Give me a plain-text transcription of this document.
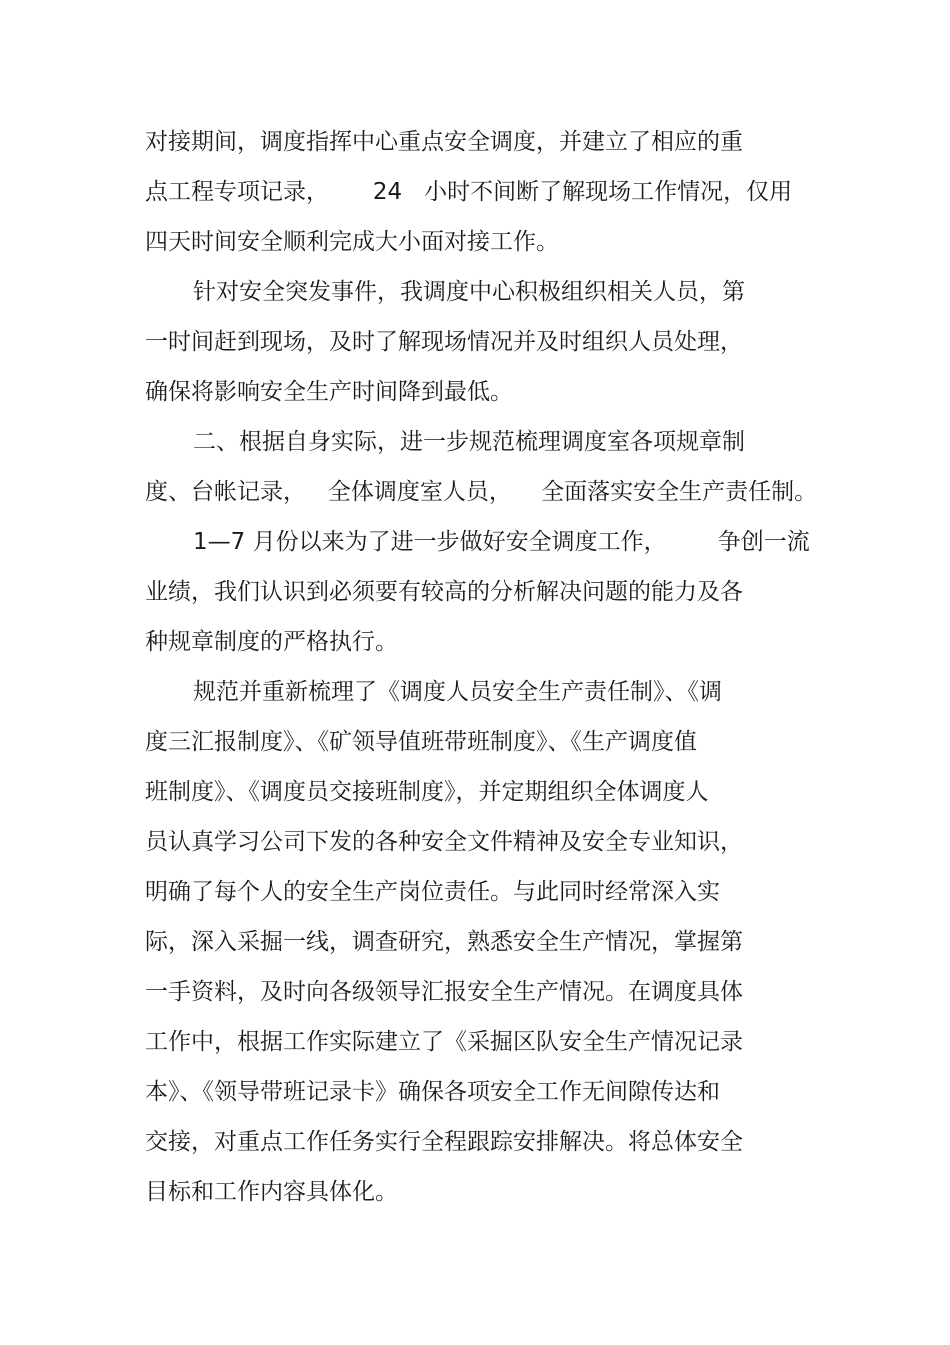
对接期间，调度指挥中心重点安全调度，并建立了相应的重
点工程专项记录，      24   小时不间断了解现场工作情况，仅用
四天时间安全顺利完成大小面对接工作。
针对安全突发事件，我调度中心积极组织相关人员，第
一时间赶到现场，及时了解现场情况并及时组织人员处理，
确保将影响安全生产时间降到最低。
二、根据自身实际，进一步规范梳理调度室各项规章制
度、台帐记录，   全体调度室人员，    全面落实安全生产责任制。
1—7 月份以来为了进一步做好安全调度工作，       争创一流
业绩，我们认识到必须要有较高的分析解决问题的能力及各
种规章制度的严格执行。
规范并重新梳理了《调度人员安全生产责任制》、《调
度三汇报制度》、《矿领导值班带班制度》、《生产调度值
班制度》、《调度员交接班制度》，并定期组织全体调度人
员认真学习公司下发的各种安全文件精神及安全专业知识，
明确了每个人的安全生产岗位责任。与此同时经常深入实
际，深入采掘一线，调查研究，熟悉安全生产情况，掌握第
一手资料，及时向各级领导汇报安全生产情况。在调度具体
工作中，根据工作实际建立了《采掘区队安全生产情况记录
本》、《领导带班记录卡》确保各项安全工作无间隙传达和
交接，对重点工作任务实行全程跟踪安排解决。将总体安全
目标和工作内容具体化。
